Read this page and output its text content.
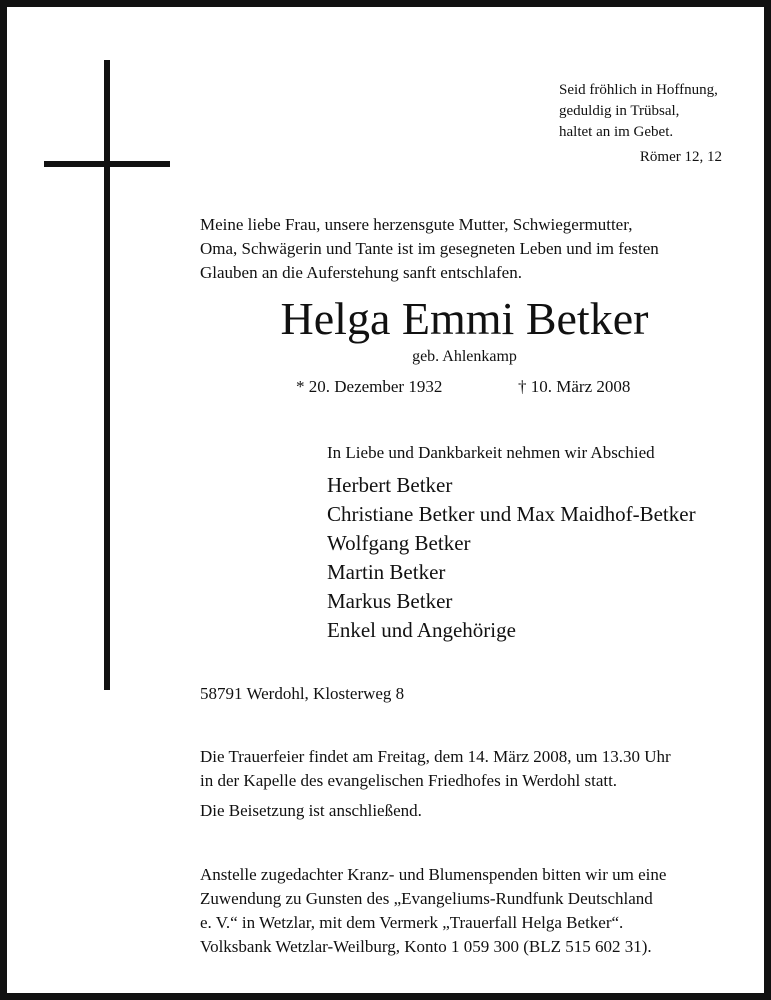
Seid fröhlich in Hoffnung,
geduldig in Trübsal,
haltet an im Gebet.
Römer 12, 12
Meine liebe Frau, unsere herzensgute Mutter, Schwiegermutter,
Oma, Schwägerin und Tante ist im gesegneten Leben und im festen
Glauben an die Auferstehung sanft entschlafen.
Helga Emmi Betker
geb. Ahlenkamp
* 20. Dezember 1932	† 10. März 2008
In Liebe und Dankbarkeit nehmen wir Abschied
Herbert Betker
Christiane Betker und Max Maidhof-Betker
Wolfgang Betker
Martin Betker
Markus Betker
Enkel und Angehörige
58791 Werdohl, Klosterweg 8
Die Trauerfeier findet am Freitag, dem 14. März 2008, um 13.30 Uhr
in der Kapelle des evangelischen Friedhofes in Werdohl statt.
Die Beisetzung ist anschließend.
Anstelle zugedachter Kranz- und Blumenspenden bitten wir um eine
Zuwendung zu Gunsten des „Evangeliums-Rundfunk Deutschland
e. V.“ in Wetzlar, mit dem Vermerk „Trauerfall Helga Betker“.
Volksbank Wetzlar-Weilburg, Konto 1 059 300 (BLZ 515 602 31).
